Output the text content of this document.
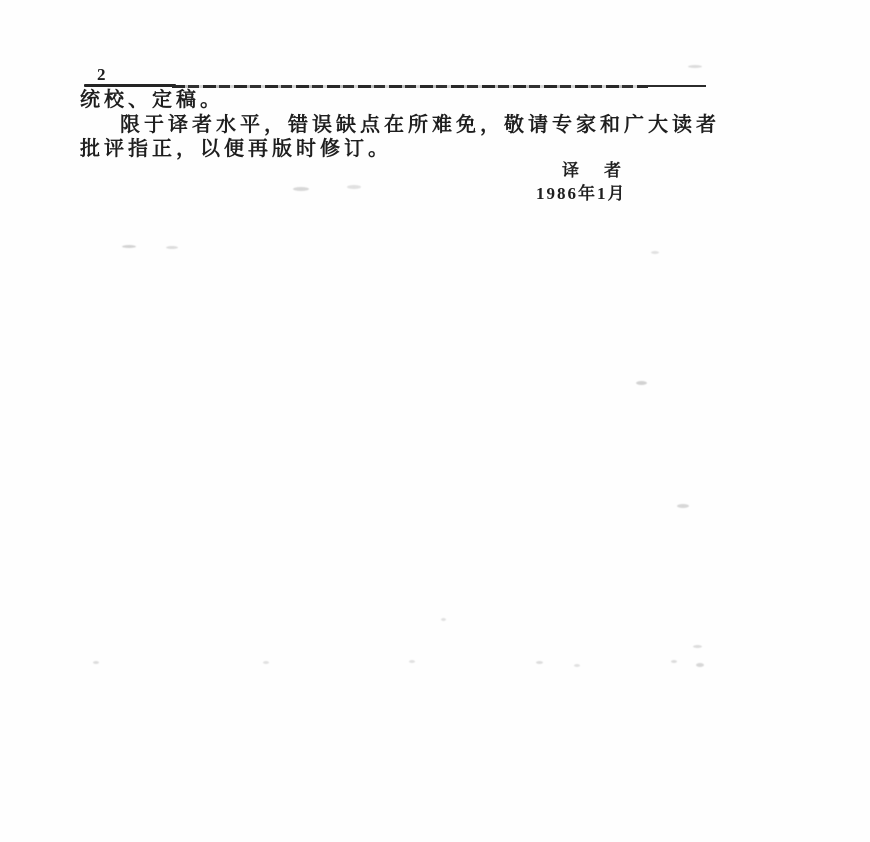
2
统校、定稿。
限于译者水平，错误缺点在所难免，敬请专家和广大读者
批评指正，以便再版时修订。
译　者
1986年1月
